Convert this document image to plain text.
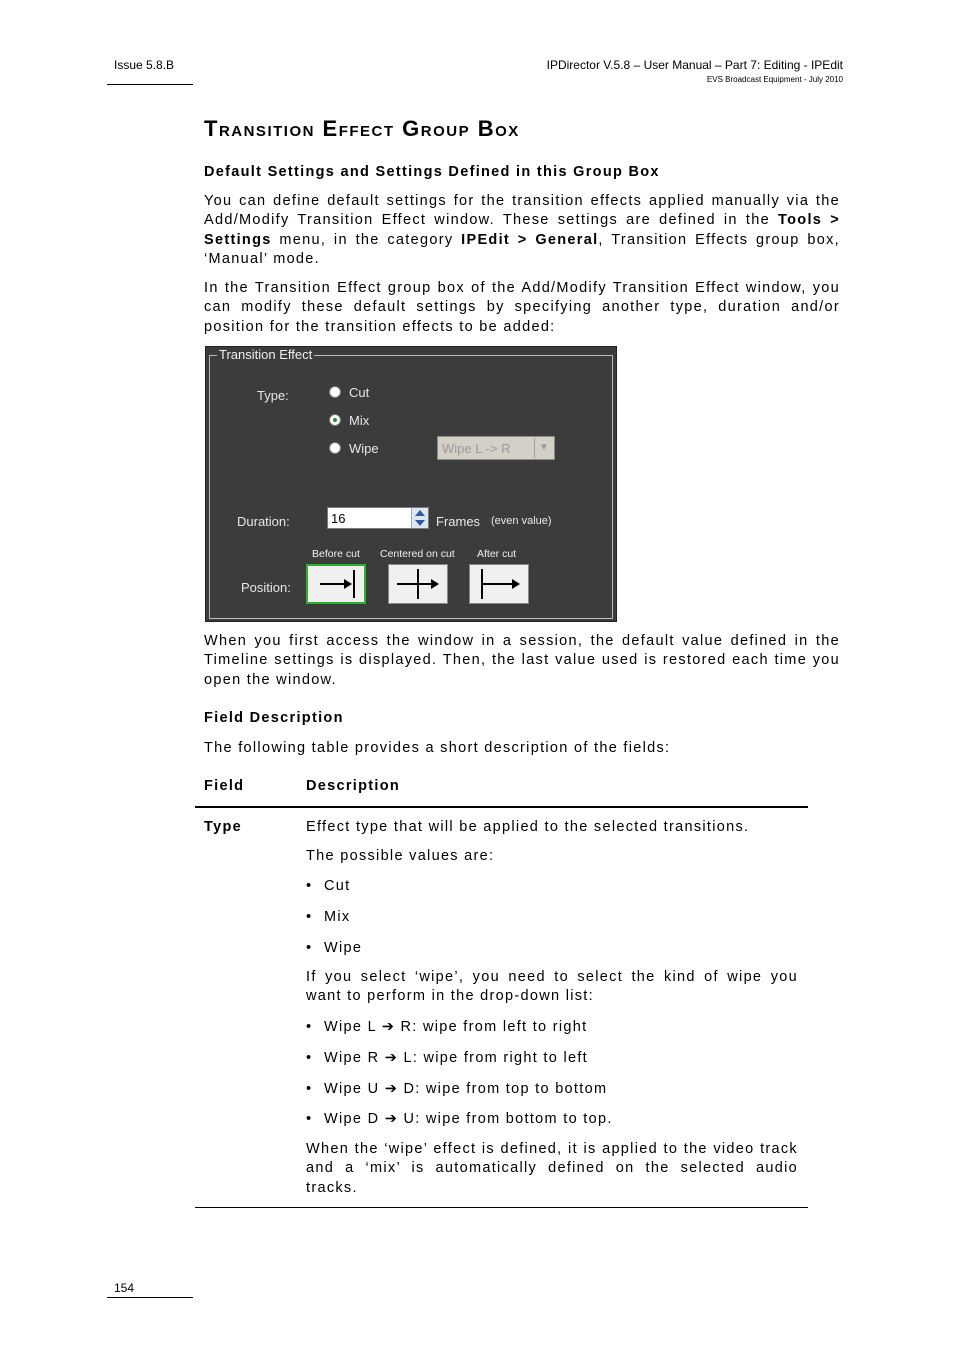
Issue 5.8.B	IPDirector V.5.8 – User Manual – Part 7: Editing - IPEdit
EVS Broadcast Equipment - July 2010
Transition Effect Group Box
Default Settings and Settings Defined in this Group Box

You can define default settings for the transition effects applied manually via the Add/Modify Transition Effect window. These settings are defined in the Tools > Settings menu, in the category IPEdit > General, Transition Effects group box, ‘Manual’ mode.

In the Transition Effect group box of the Add/Modify Transition Effect window, you can modify these default settings by specifying another type, duration and/or position for the transition effects to be added:

Transition Effect
Type:	Cut
Mix
Wipe	Wipe L -> R	▼
Duration:	16	Frames (even value)
Before cut Centered on cut After cut
Position:

When you first access the window in a session, the default value defined in the Timeline settings is displayed. Then, the last value used is restored each time you open the window.

Field Description

The following table provides a short description of the fields:

Field	Description
Type	Effect type that will be applied to the selected transitions.

The possible values are:

• Cut
• Mix
• Wipe

If you select ‘wipe’, you need to select the kind of wipe you want to perform in the drop-down list:

• Wipe L ➔ R: wipe from left to right
• Wipe R ➔ L: wipe from right to left
• Wipe U ➔ D: wipe from top to bottom
• Wipe D ➔ U: wipe from bottom to top.

When the ‘wipe’ effect is defined, it is applied to the video track and a ‘mix’ is automatically defined on the selected audio tracks.

154
